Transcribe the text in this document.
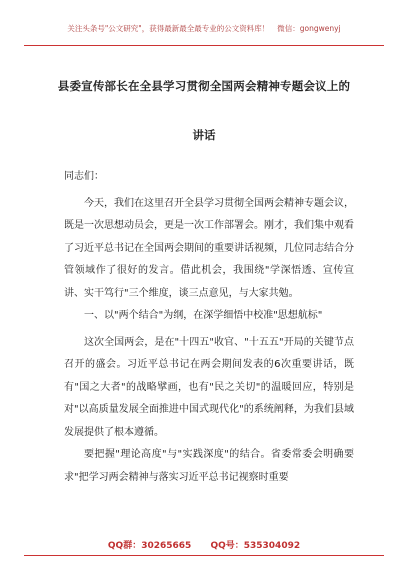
关注头条号"公文研究"，获得最新最全最专业的公文资料库！ 微信：gongwenyj
县委宣传部长在全县学习贯彻全国两会精神专题会议上的
讲话

同志们：

今天，我们在这里召开全县学习贯彻全国两会精神专题会议，既是一次思想动员会，更是一次工作部署会。刚才，我们集中观看了习近平总书记在全国两会期间的重要讲话视频，几位同志结合分管领域作了很好的发言。借此机会，我围绕"学深悟透、宣传宣讲、实干笃行"三个维度，谈三点意见，与大家共勉。

一、以"两个结合"为纲，在深学细悟中校准"思想航标"

这次全国两会，是在"十四五"收官、"十五五"开局的关键节点召开的盛会。习近平总书记在两会期间发表的6次重要讲话，既有"国之大者"的战略擘画，也有"民之关切"的温暖回应，特别是对"以高质量发展全面推进中国式现代化"的系统阐释，为我们县域发展提供了根本遵循。

要把握"理论高度"与"实践深度"的结合。省委常委会明确要求"把学习两会精神与落实习近平总书记视察时重要

QQ群：30265665 QQ号：535304092
